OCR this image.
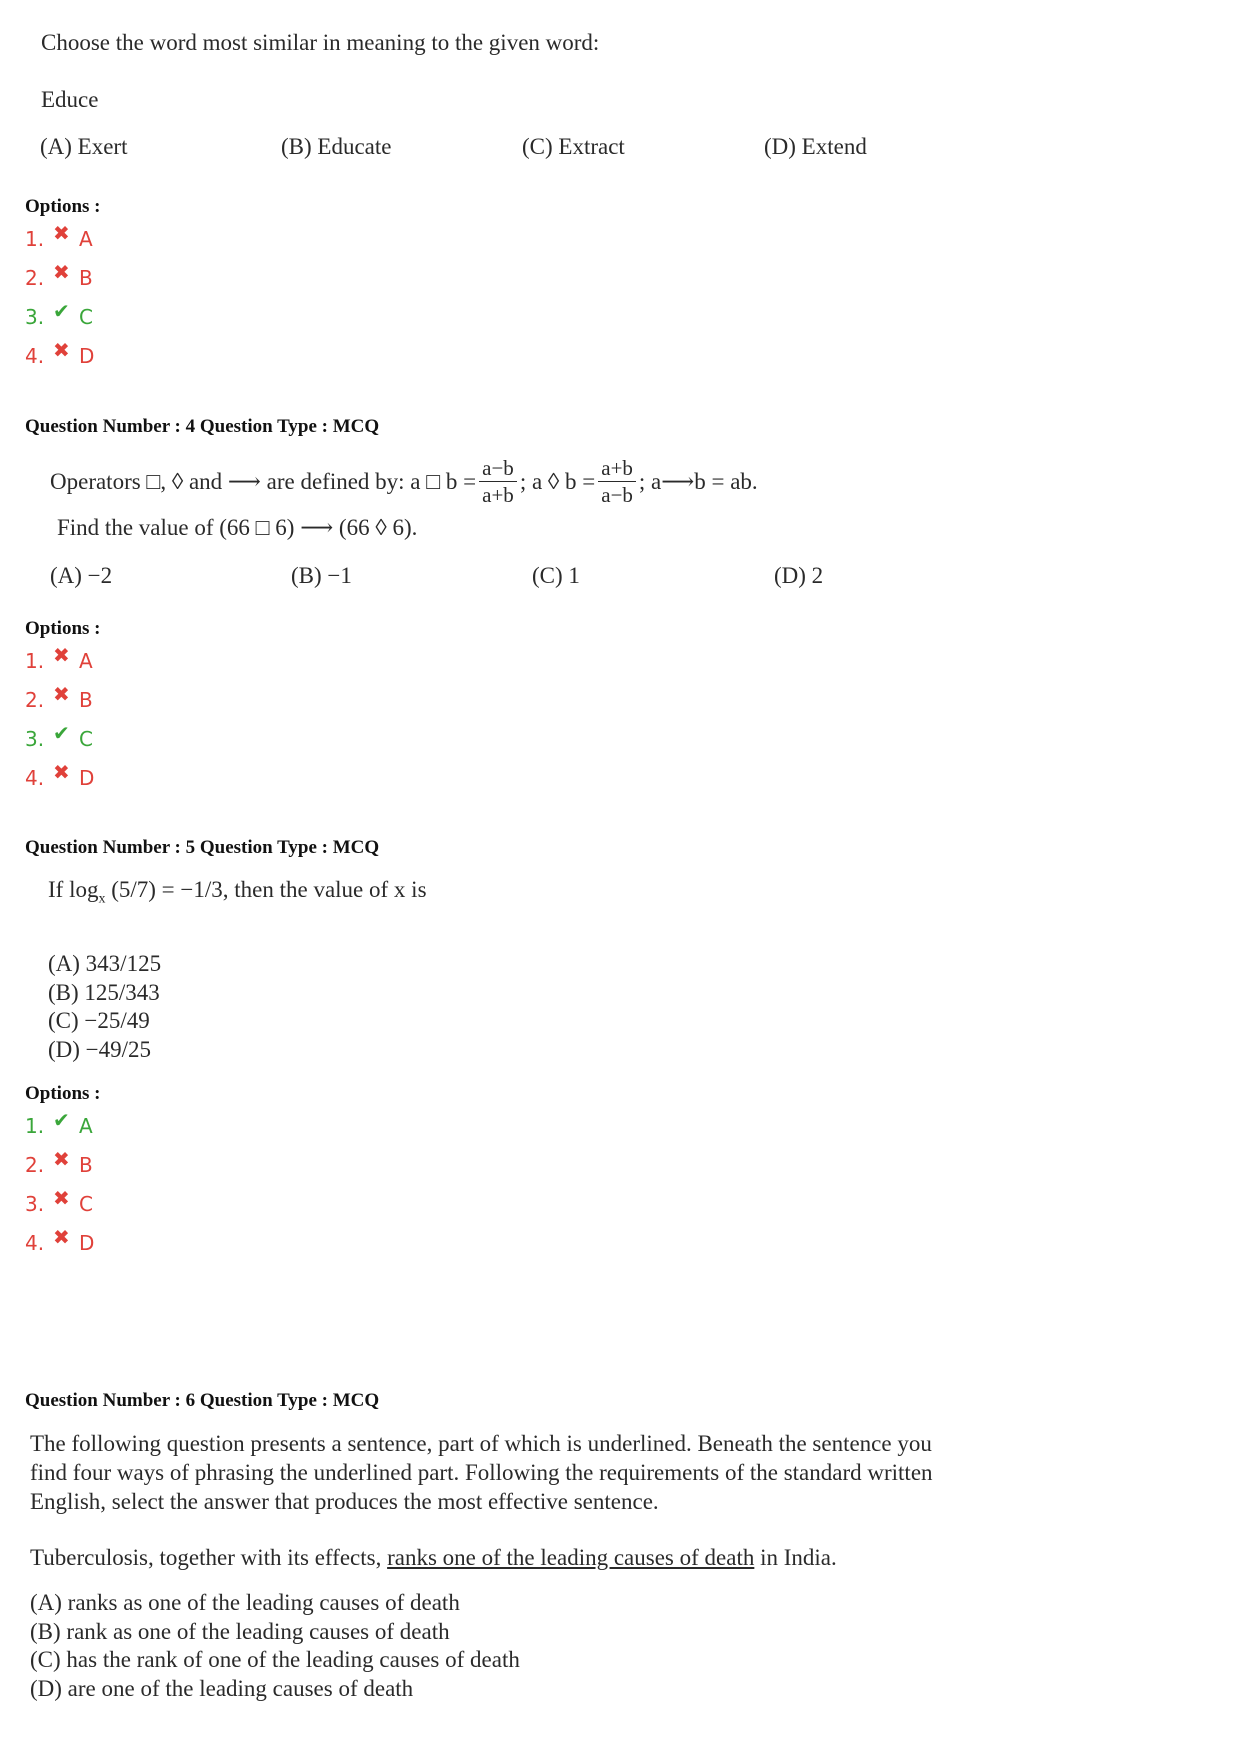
Choose the word most similar in meaning to the given word:
Educe
(A) Exert	(B) Educate	(C) Extract	(D) Extend
Options :
1. ✖ A
2. ✖ B
3. ✔ C
4. ✖ D
Question Number : 4 Question Type : MCQ
Operators □, ◊ and ⟶ are defined by: a □ $b = \frac{a-b}{a+b}$ ; a ◊ $b = \frac{a+b}{a-b}$ ; a⟶b = ab.
Find the value of (66 □ 6) ⟶ (66 ◊ 6).
(A) −2	(B) −1	(C) 1	(D) 2
Options :
1. ✖ A
2. ✖ B
3. ✔ C
4. ✖ D
Question Number : 5 Question Type : MCQ
If $\log_x (5/7) = -1/3$, then the value of x is
(A) 343/125
(B) 125/343
(C) −25/49
(D) −49/25
Options :
1. ✔ A
2. ✖ B
3. ✖ C
4. ✖ D
Question Number : 6 Question Type : MCQ
The following question presents a sentence, part of which is underlined. Beneath the sentence you
find four ways of phrasing the underlined part. Following the requirements of the standard written
English, select the answer that produces the most effective sentence.
Tuberculosis, together with its effects, ranks one of the leading causes of death in India.
(A) ranks as one of the leading causes of death
(B) rank as one of the leading causes of death
(C) has the rank of one of the leading causes of death
(D) are one of the leading causes of death
